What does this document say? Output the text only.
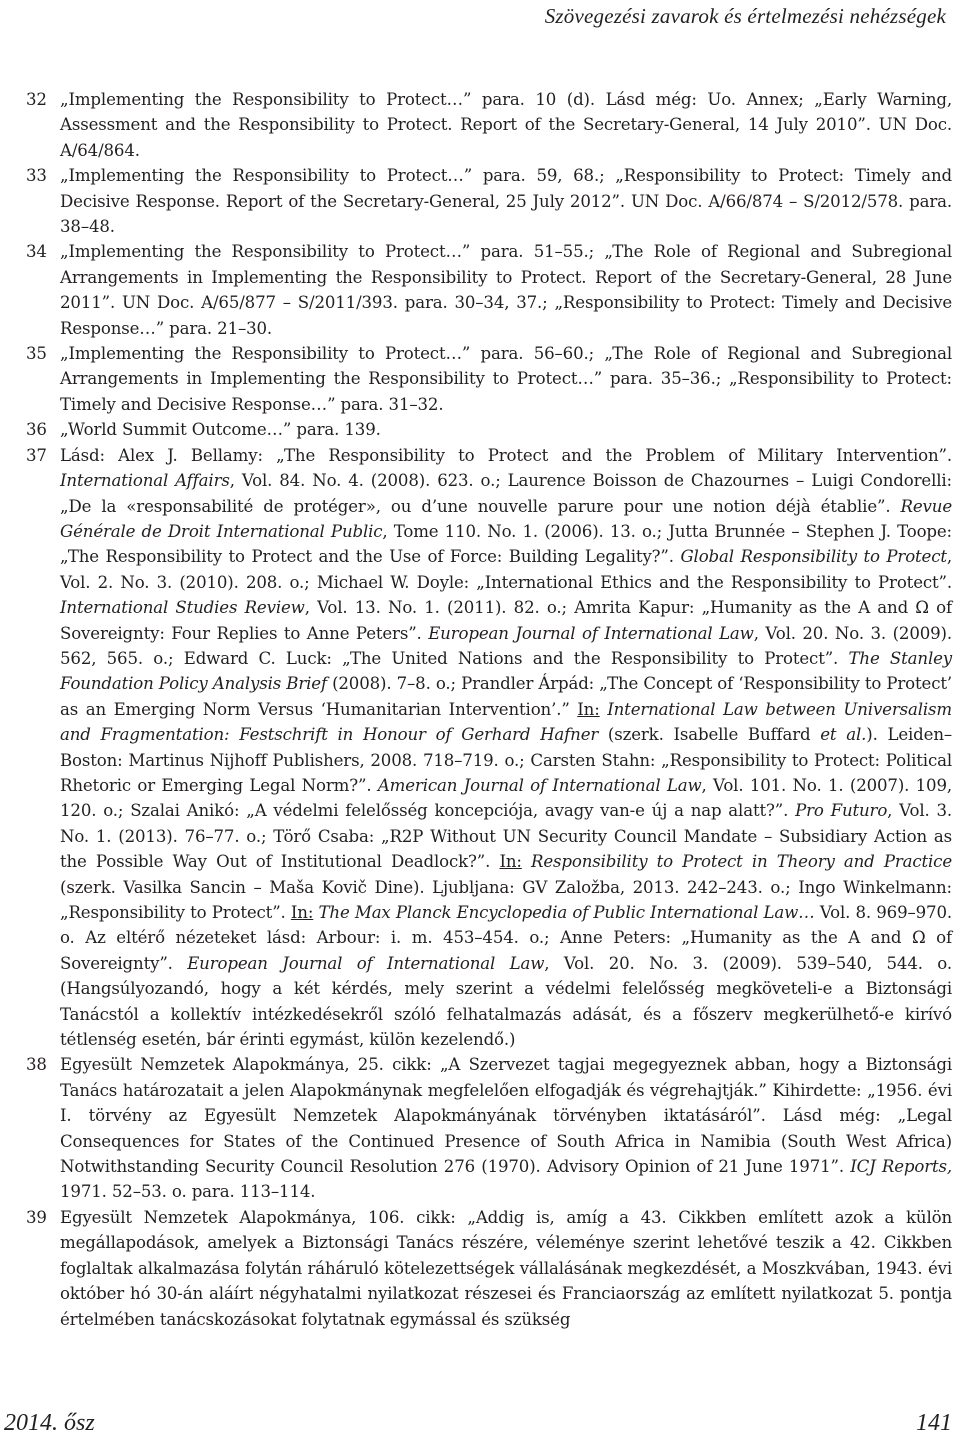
Szövegezési zavarok és értelmezési nehézségek

32 „Implementing the Responsibility to Protect…” para. 10 (d). Lásd még: Uo. Annex; „Early Warning, Assessment and the Responsibility to Protect. Report of the Secretary-General, 14 July 2010”. UN Doc. A/64/864.

33 „Implementing the Responsibility to Protect…” para. 59, 68.; „Responsibility to Protect: Timely and Decisive Response. Report of the Secretary-General, 25 July 2012”. UN Doc. A/66/874 – S/2012/578. para. 38–48.

34 „Implementing the Responsibility to Protect…” para. 51–55.; „The Role of Regional and Subregional Arrangements in Implementing the Responsibility to Protect. Report of the Secretary-General, 28 June 2011”. UN Doc. A/65/877 – S/2011/393. para. 30–34, 37.; „Responsibility to Protect: Timely and Decisive Response…” para. 21–30.

35 „Implementing the Responsibility to Protect…” para. 56–60.; „The Role of Regional and Subregional Arrangements in Implementing the Responsibility to Protect…” para. 35–36.; „Responsibility to Protect: Timely and Decisive Response…” para. 31–32.

36 „World Summit Outcome…” para. 139.

37 Lásd: Alex J. Bellamy: „The Responsibility to Protect and the Problem of Military Intervention”. International Affairs, Vol. 84. No. 4. (2008). 623. o.; Laurence Boisson de Chazournes – Luigi Condorelli: „De la «responsabilité de protéger», ou d’une nouvelle parure pour une notion déjà établie”. Revue Générale de Droit International Public, Tome 110. No. 1. (2006). 13. o.; Jutta Brunnée – Stephen J. Toope: „The Responsibility to Protect and the Use of Force: Building Legality?”. Global Responsibility to Protect, Vol. 2. No. 3. (2010). 208. o.; Michael W. Doyle: „International Ethics and the Responsibility to Protect”. International Studies Review, Vol. 13. No. 1. (2011). 82. o.; Amrita Kapur: „Humanity as the A and Ω of Sovereignty: Four Replies to Anne Peters”. European Journal of International Law, Vol. 20. No. 3. (2009). 562, 565. o.; Edward C. Luck: „The United Nations and the Responsibility to Protect”. The Stanley Foundation Policy Analysis Brief (2008). 7–8. o.; Prandler Árpád: „The Concept of ‘Responsibility to Protect’ as an Emerging Norm Versus ‘Humanitarian Intervention’.” In: International Law between Universalism and Fragmentation: Festschrift in Honour of Gerhard Hafner (szerk. Isabelle Buffard et al.). Leiden–Boston: Martinus Nijhoff Publishers, 2008. 718–719. o.; Carsten Stahn: „Responsibility to Protect: Political Rhetoric or Emerging Legal Norm?”. American Journal of International Law, Vol. 101. No. 1. (2007). 109, 120. o.; Szalai Anikó: „A védelmi felelősség koncepciója, avagy van-e új a nap alatt?”. Pro Futuro, Vol. 3. No. 1. (2013). 76–77. o.; Törő Csaba: „R2P Without UN Security Council Mandate – Subsidiary Action as the Possible Way Out of Institutional Deadlock?”. In: Responsibility to Protect in Theory and Practice (szerk. Vasilka Sancin – Maša Kovič Dine). Ljubljana: GV Založba, 2013. 242–243. o.; Ingo Winkelmann: „Responsibility to Protect”. In: The Max Planck Encyclopedia of Public International Law… Vol. 8. 969–970. o. Az eltérő nézeteket lásd: Arbour: i. m. 453–454. o.; Anne Peters: „Humanity as the A and Ω of Sovereignty”. European Journal of International Law, Vol. 20. No. 3. (2009). 539–540, 544. o. (Hangsúlyozandó, hogy a két kérdés, mely szerint a védelmi felelősség megköveteli-e a Biztonsági Tanácstól a kollektív intézkedésekről szóló felhatalmazás adását, és a főszerv megkerülhető-e kirívó tétlenség esetén, bár érinti egymást, külön kezelendő.)

38 Egyesült Nemzetek Alapokmánya, 25. cikk: „A Szervezet tagjai megegyeznek abban, hogy a Biztonsági Tanács határozatait a jelen Alapokmánynak megfelelően elfogadják és végrehajtják.” Kihirdette: „1956. évi I. törvény az Egyesült Nemzetek Alapokmányának törvényben iktatásáról”. Lásd még: „Legal Consequences for States of the Continued Presence of South Africa in Namibia (South West Africa) Notwithstanding Security Council Resolution 276 (1970). Advisory Opinion of 21 June 1971”. ICJ Reports, 1971. 52–53. o. para. 113–114.

39 Egyesült Nemzetek Alapokmánya, 106. cikk: „Addig is, amíg a 43. Cikkben említett azok a külön megállapodások, amelyek a Biztonsági Tanács részére, véleménye szerint lehetővé teszik a 42. Cikkben foglaltak alkalmazása folytán ráháruló kötelezettségek vállalásának megkezdését, a Moszkvában, 1943. évi október hó 30-án aláírt négyhatalmi nyilatkozat részesei és Franciaország az említett nyilatkozat 5. pontja értelmében tanácskozásokat folytatnak egymással és szükség

2014. ősz	141
